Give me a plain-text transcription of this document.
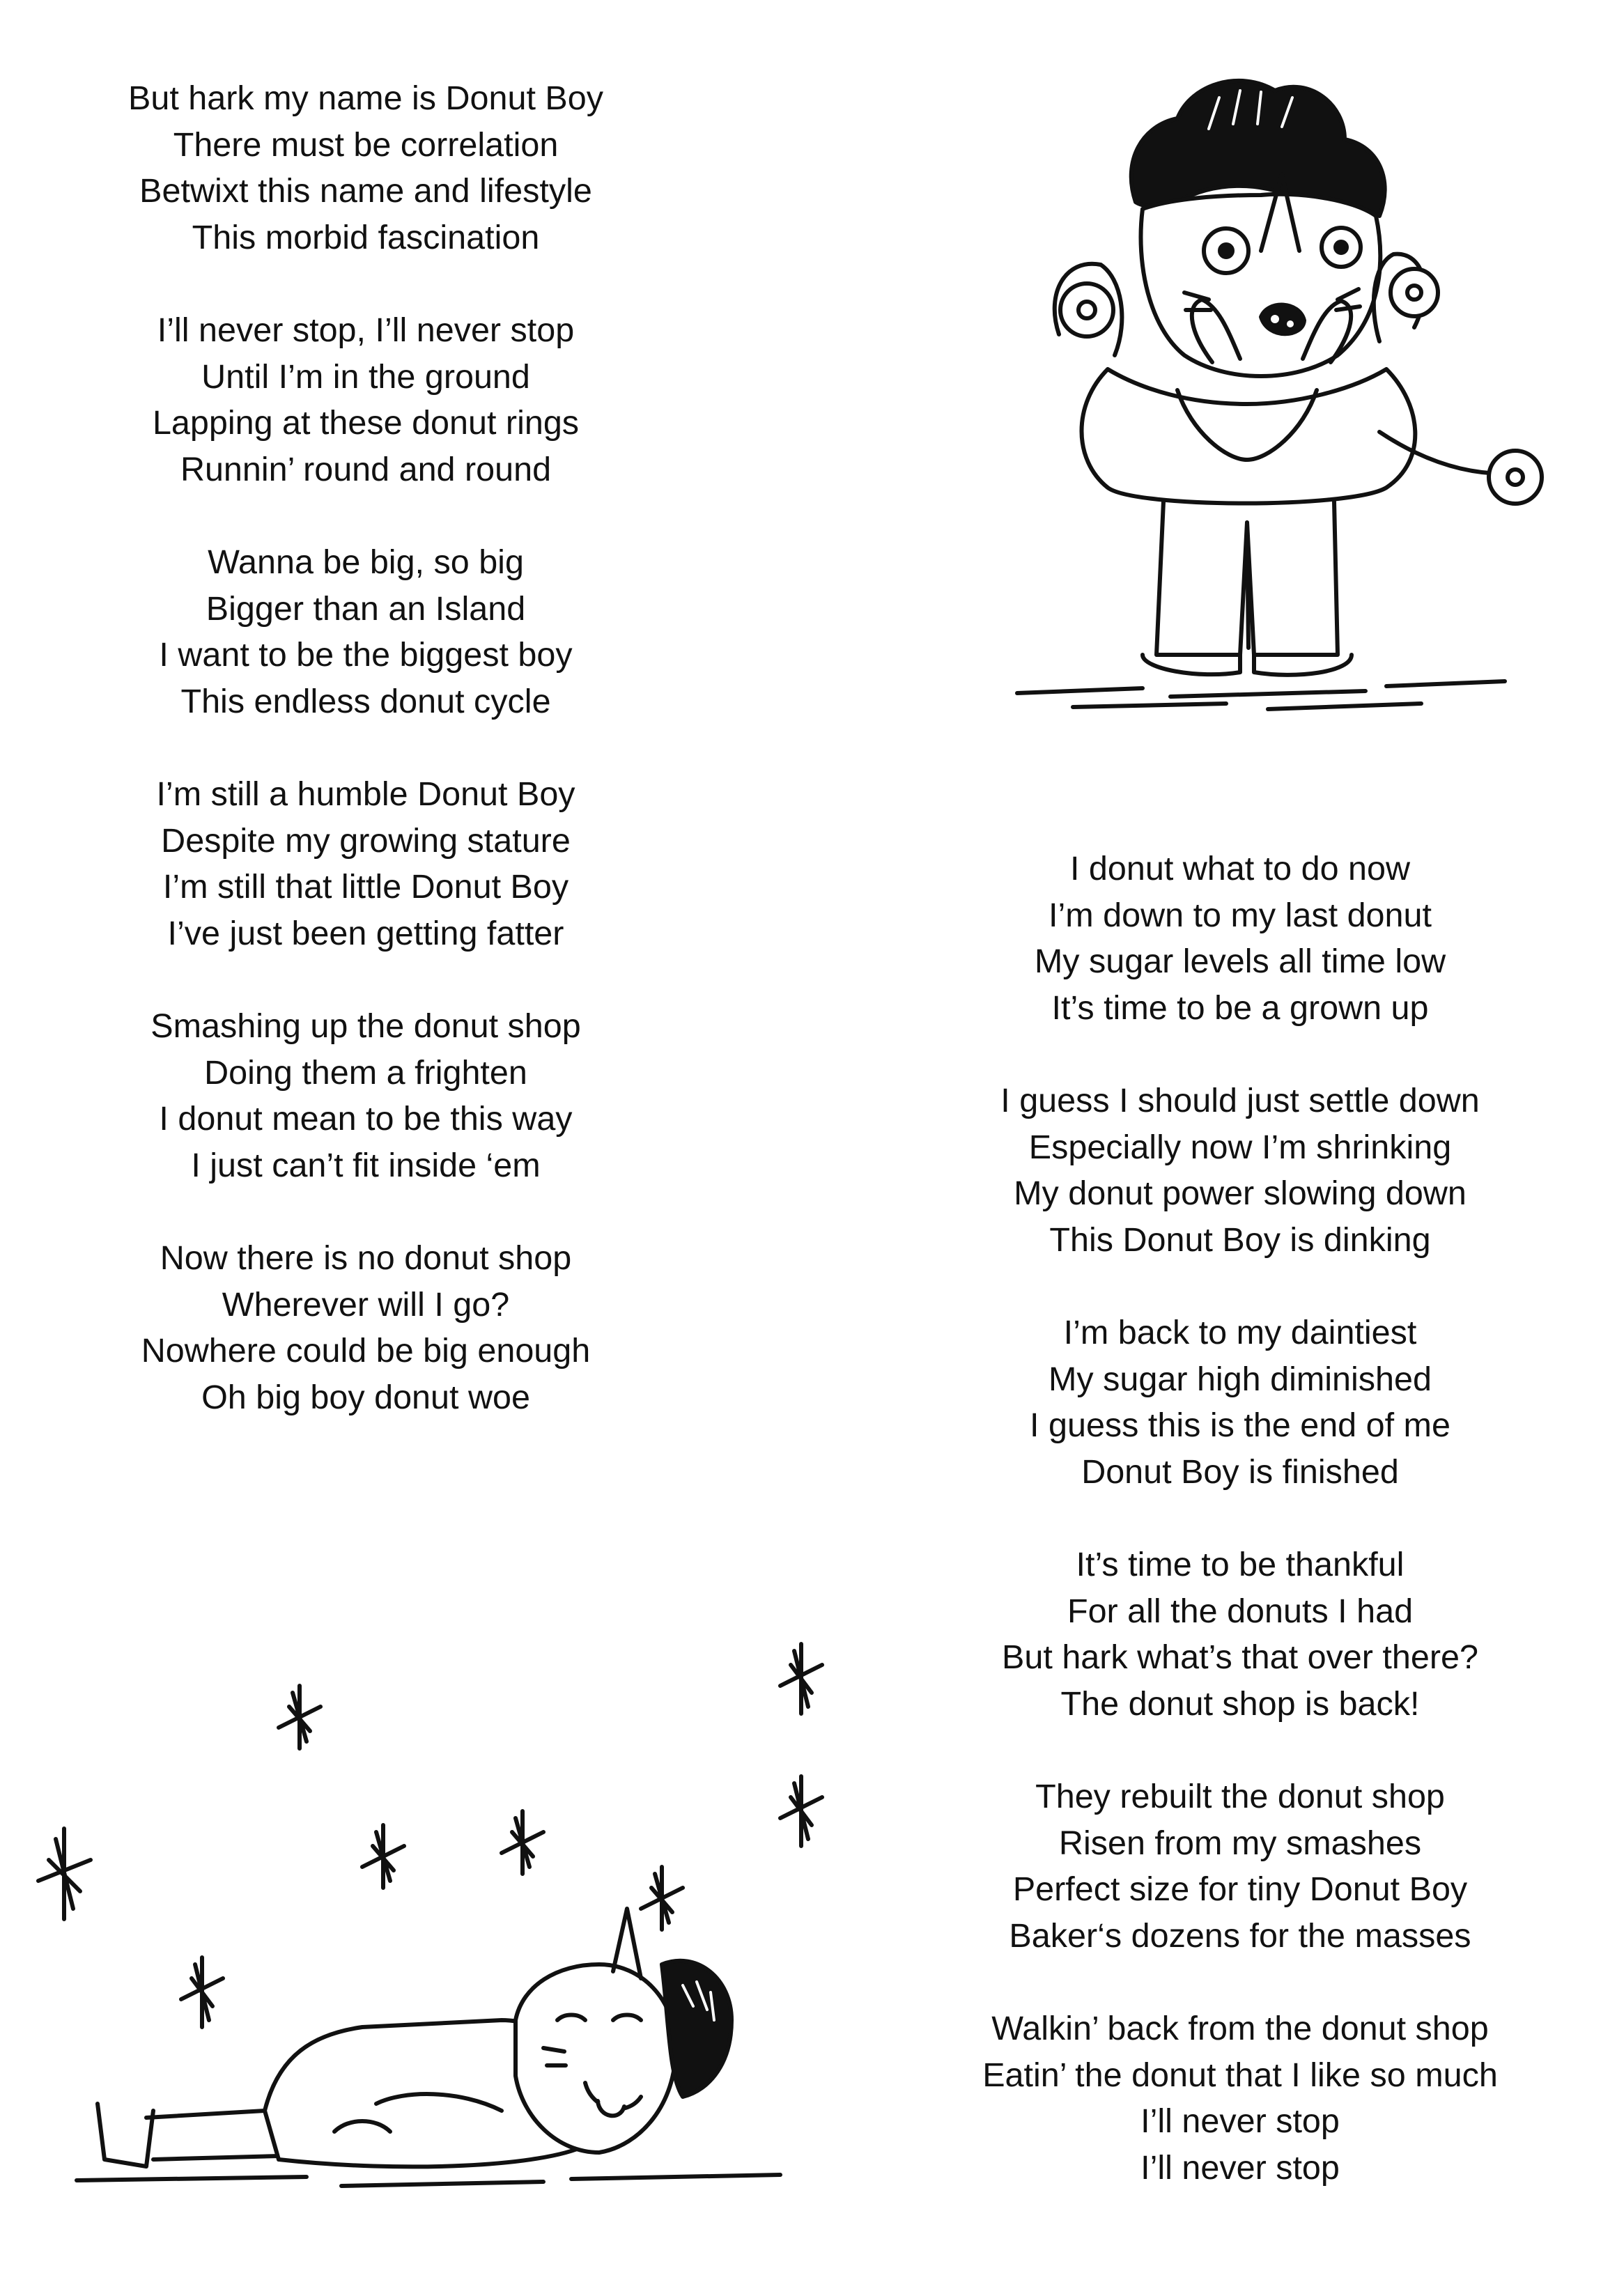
But hark my name is Donut Boy
There must be correlation
Betwixt this name and lifestyle
This morbid fascination
I’ll never stop, I’ll never stop
Until I’m in the ground
Lapping at these donut rings
Runnin’ round and round
Wanna be big, so big
Bigger than an Island
I want to be the biggest boy
This endless donut cycle
I’m still a humble Donut Boy
Despite my growing stature
I’m still that little Donut Boy
I’ve just been getting fatter
Smashing up the donut shop
Doing them a frighten
I donut mean to be this way
I just can’t fit inside ‘em
Now there is no donut shop
Wherever will I go?
Nowhere could be big enough
Oh big boy donut woe
I donut what to do now
I’m down to my last donut
My sugar levels all time low
It’s time to be a grown up
I guess I should just settle down
Especially now I’m shrinking
My donut power slowing down
This Donut Boy is dinking
I’m back to my daintiest
My sugar high diminished
I guess this is the end of me
Donut Boy is finished
It’s time to be thankful
For all the donuts I had
But hark what’s that over there?
The donut shop is back!
They rebuilt the donut shop
Risen from my smashes
Perfect size for tiny Donut Boy
Baker‘s dozens for the masses
Walkin’ back from the donut shop
Eatin’ the donut that I like so much
I’ll never stop
I’ll never stop
